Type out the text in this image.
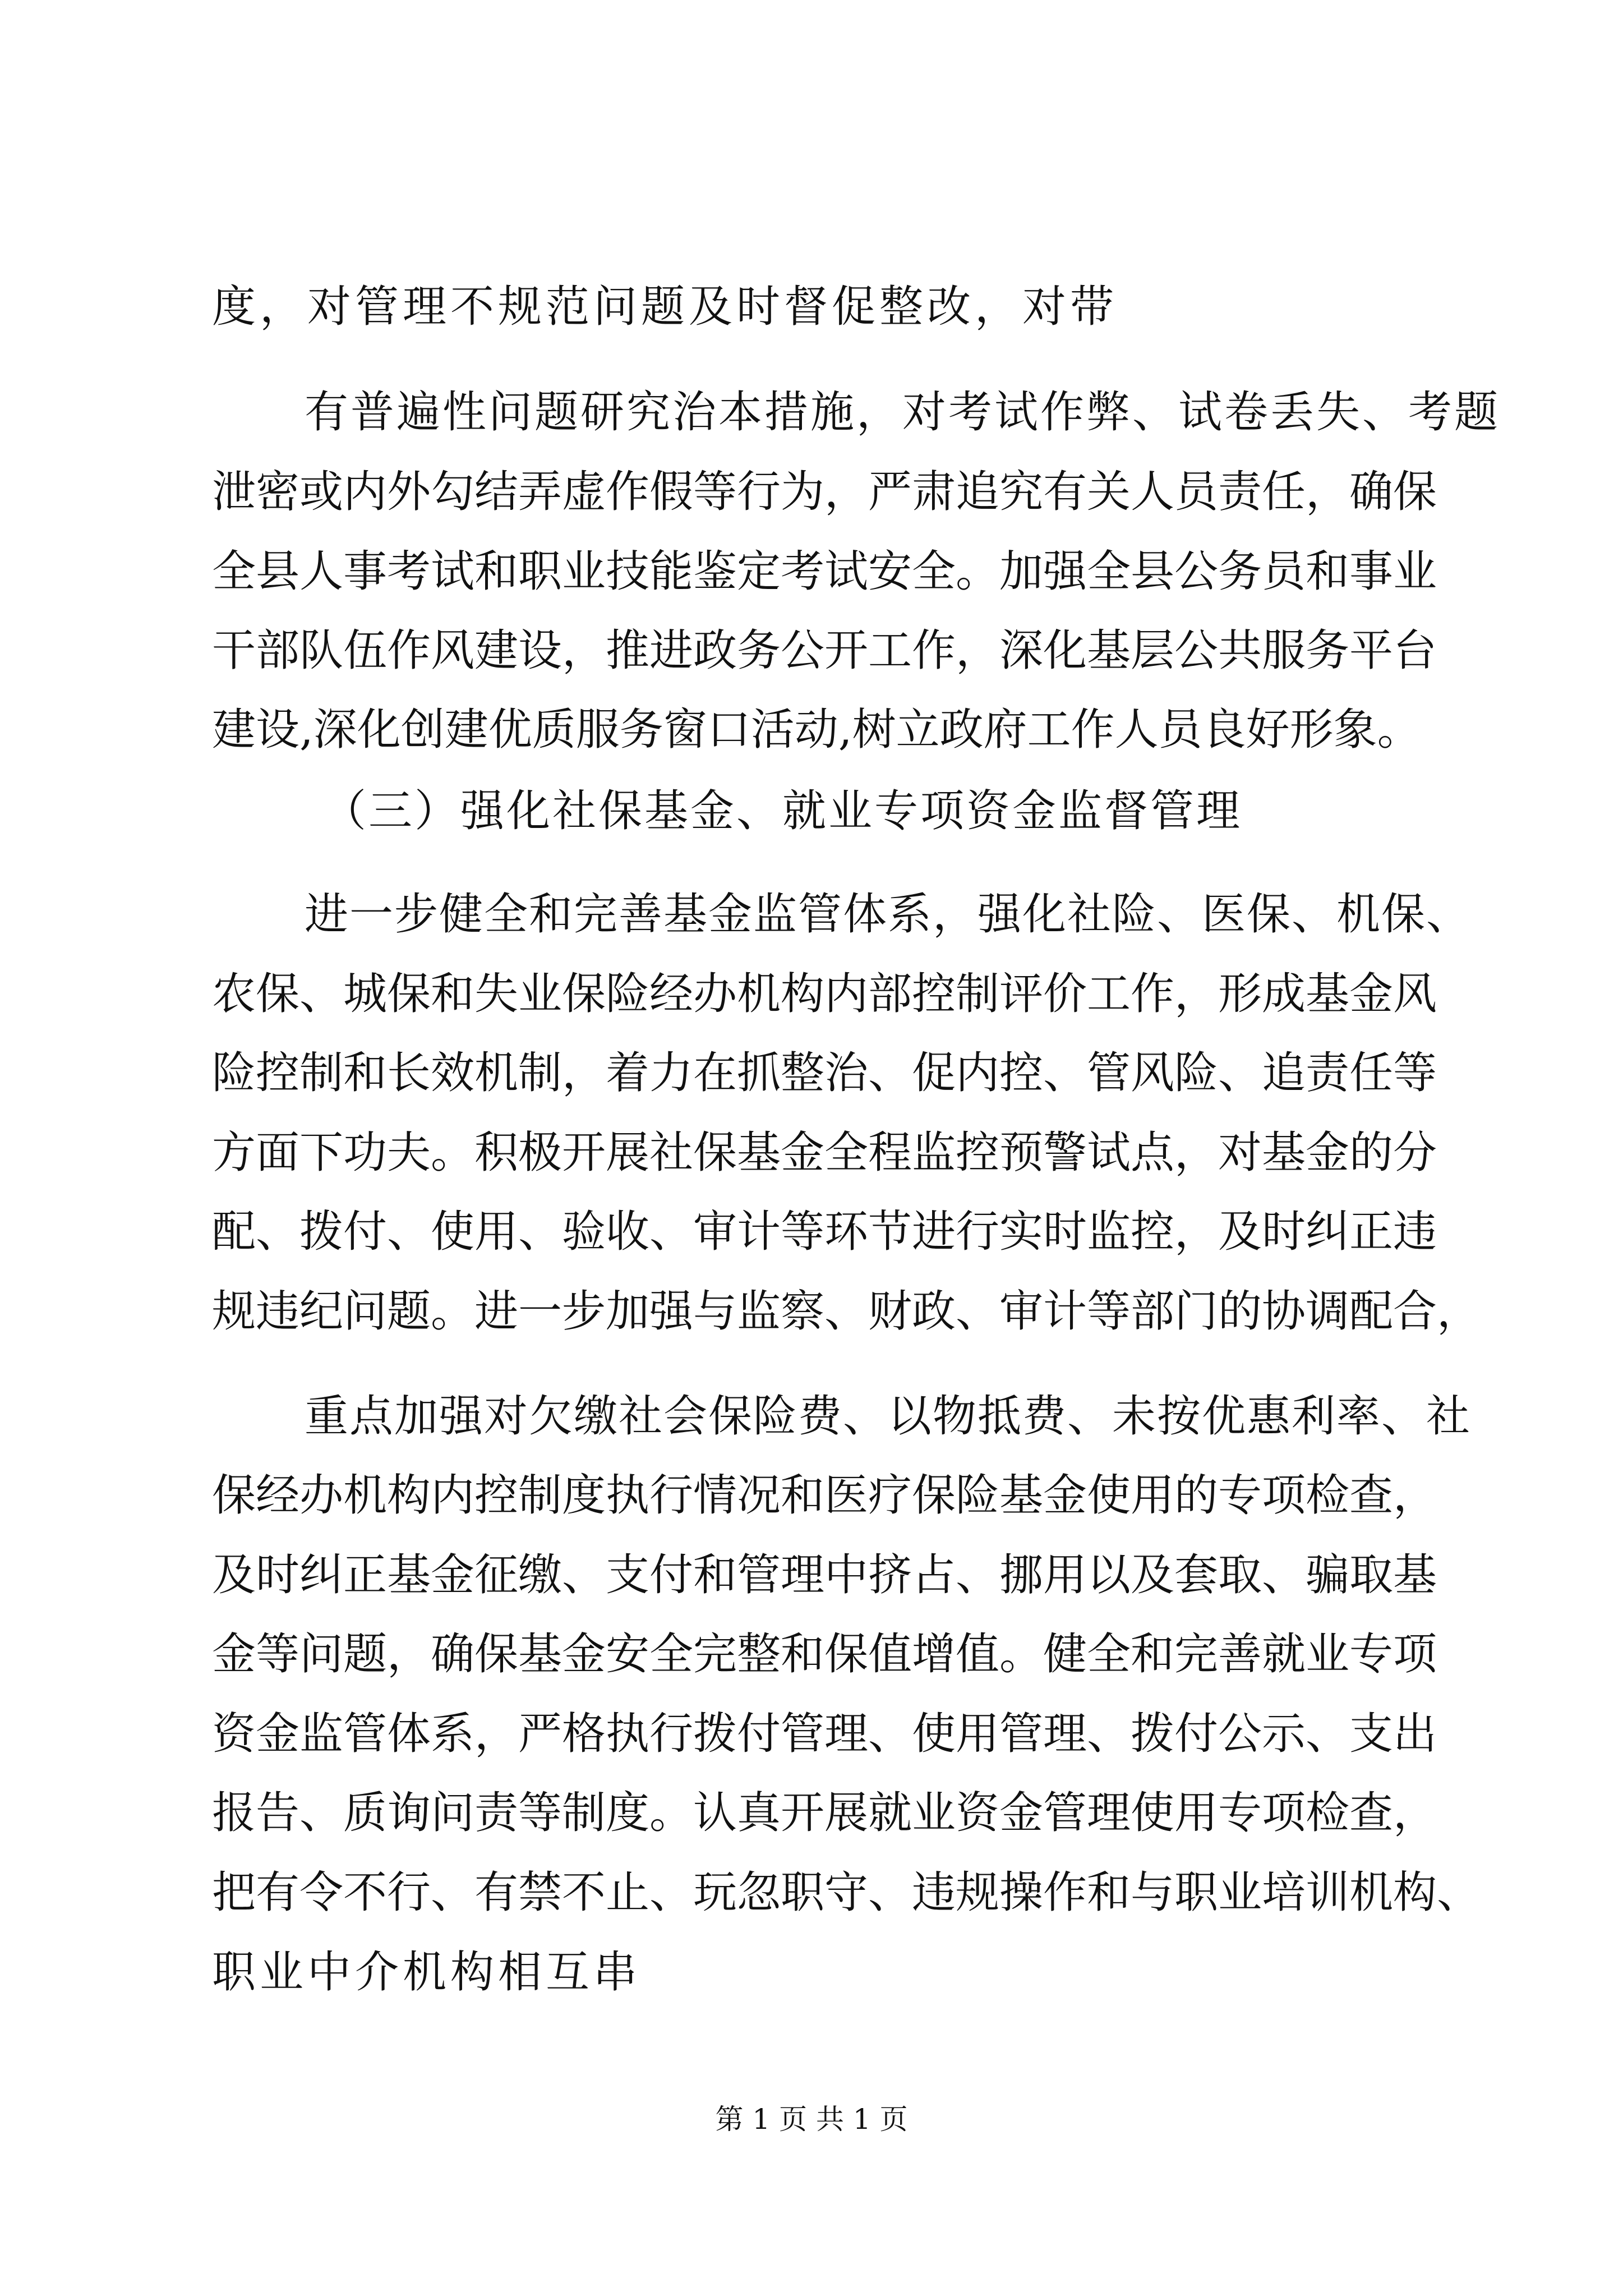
度，对管理不规范问题及时督促整改，对带
有普遍性问题研究治本措施，对考试作弊、试卷丢失、考题
泄密或内外勾结弄虚作假等行为，严肃追究有关人员责任，确保
全县人事考试和职业技能鉴定考试安全。加强全县公务员和事业
干部队伍作风建设，推进政务公开工作，深化基层公共服务平台
建设,深化创建优质服务窗口活动,树立政府工作人员良好形象。
（三）强化社保基金、就业专项资金监督管理
进一步健全和完善基金监管体系，强化社险、医保、机保、
农保、城保和失业保险经办机构内部控制评价工作，形成基金风
险控制和长效机制，着力在抓整治、促内控、管风险、追责任等
方面下功夫。积极开展社保基金全程监控预警试点，对基金的分
配、拨付、使用、验收、审计等环节进行实时监控，及时纠正违
规违纪问题。进一步加强与监察、财政、审计等部门的协调配合，
重点加强对欠缴社会保险费、以物抵费、未按优惠利率、社
保经办机构内控制度执行情况和医疗保险基金使用的专项检查，
及时纠正基金征缴、支付和管理中挤占、挪用以及套取、骗取基
金等问题，确保基金安全完整和保值增值。健全和完善就业专项
资金监管体系，严格执行拨付管理、使用管理、拨付公示、支出
报告、质询问责等制度。认真开展就业资金管理使用专项检查，
把有令不行、有禁不止、玩忽职守、违规操作和与职业培训机构、
职业中介机构相互串
第 1 页 共 1 页
